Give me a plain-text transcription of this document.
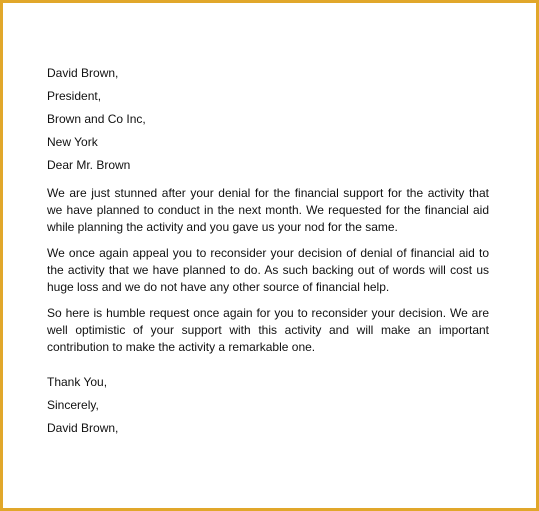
David Brown,
President,
Brown and Co Inc,
New York
Dear Mr. Brown

We are just stunned after your denial for the financial support for the activity that we have planned to conduct in the next month. We requested for the financial aid while planning the activity and you gave us your nod for the same.

We once again appeal you to reconsider your decision of denial of financial aid to the activity that we have planned to do. As such backing out of words will cost us huge loss and we do not have any other source of financial help.

So here is humble request once again for you to reconsider your decision. We are well optimistic of your support with this activity and will make an important contribution to make the activity a remarkable one.

Thank You,
Sincerely,
David Brown,
